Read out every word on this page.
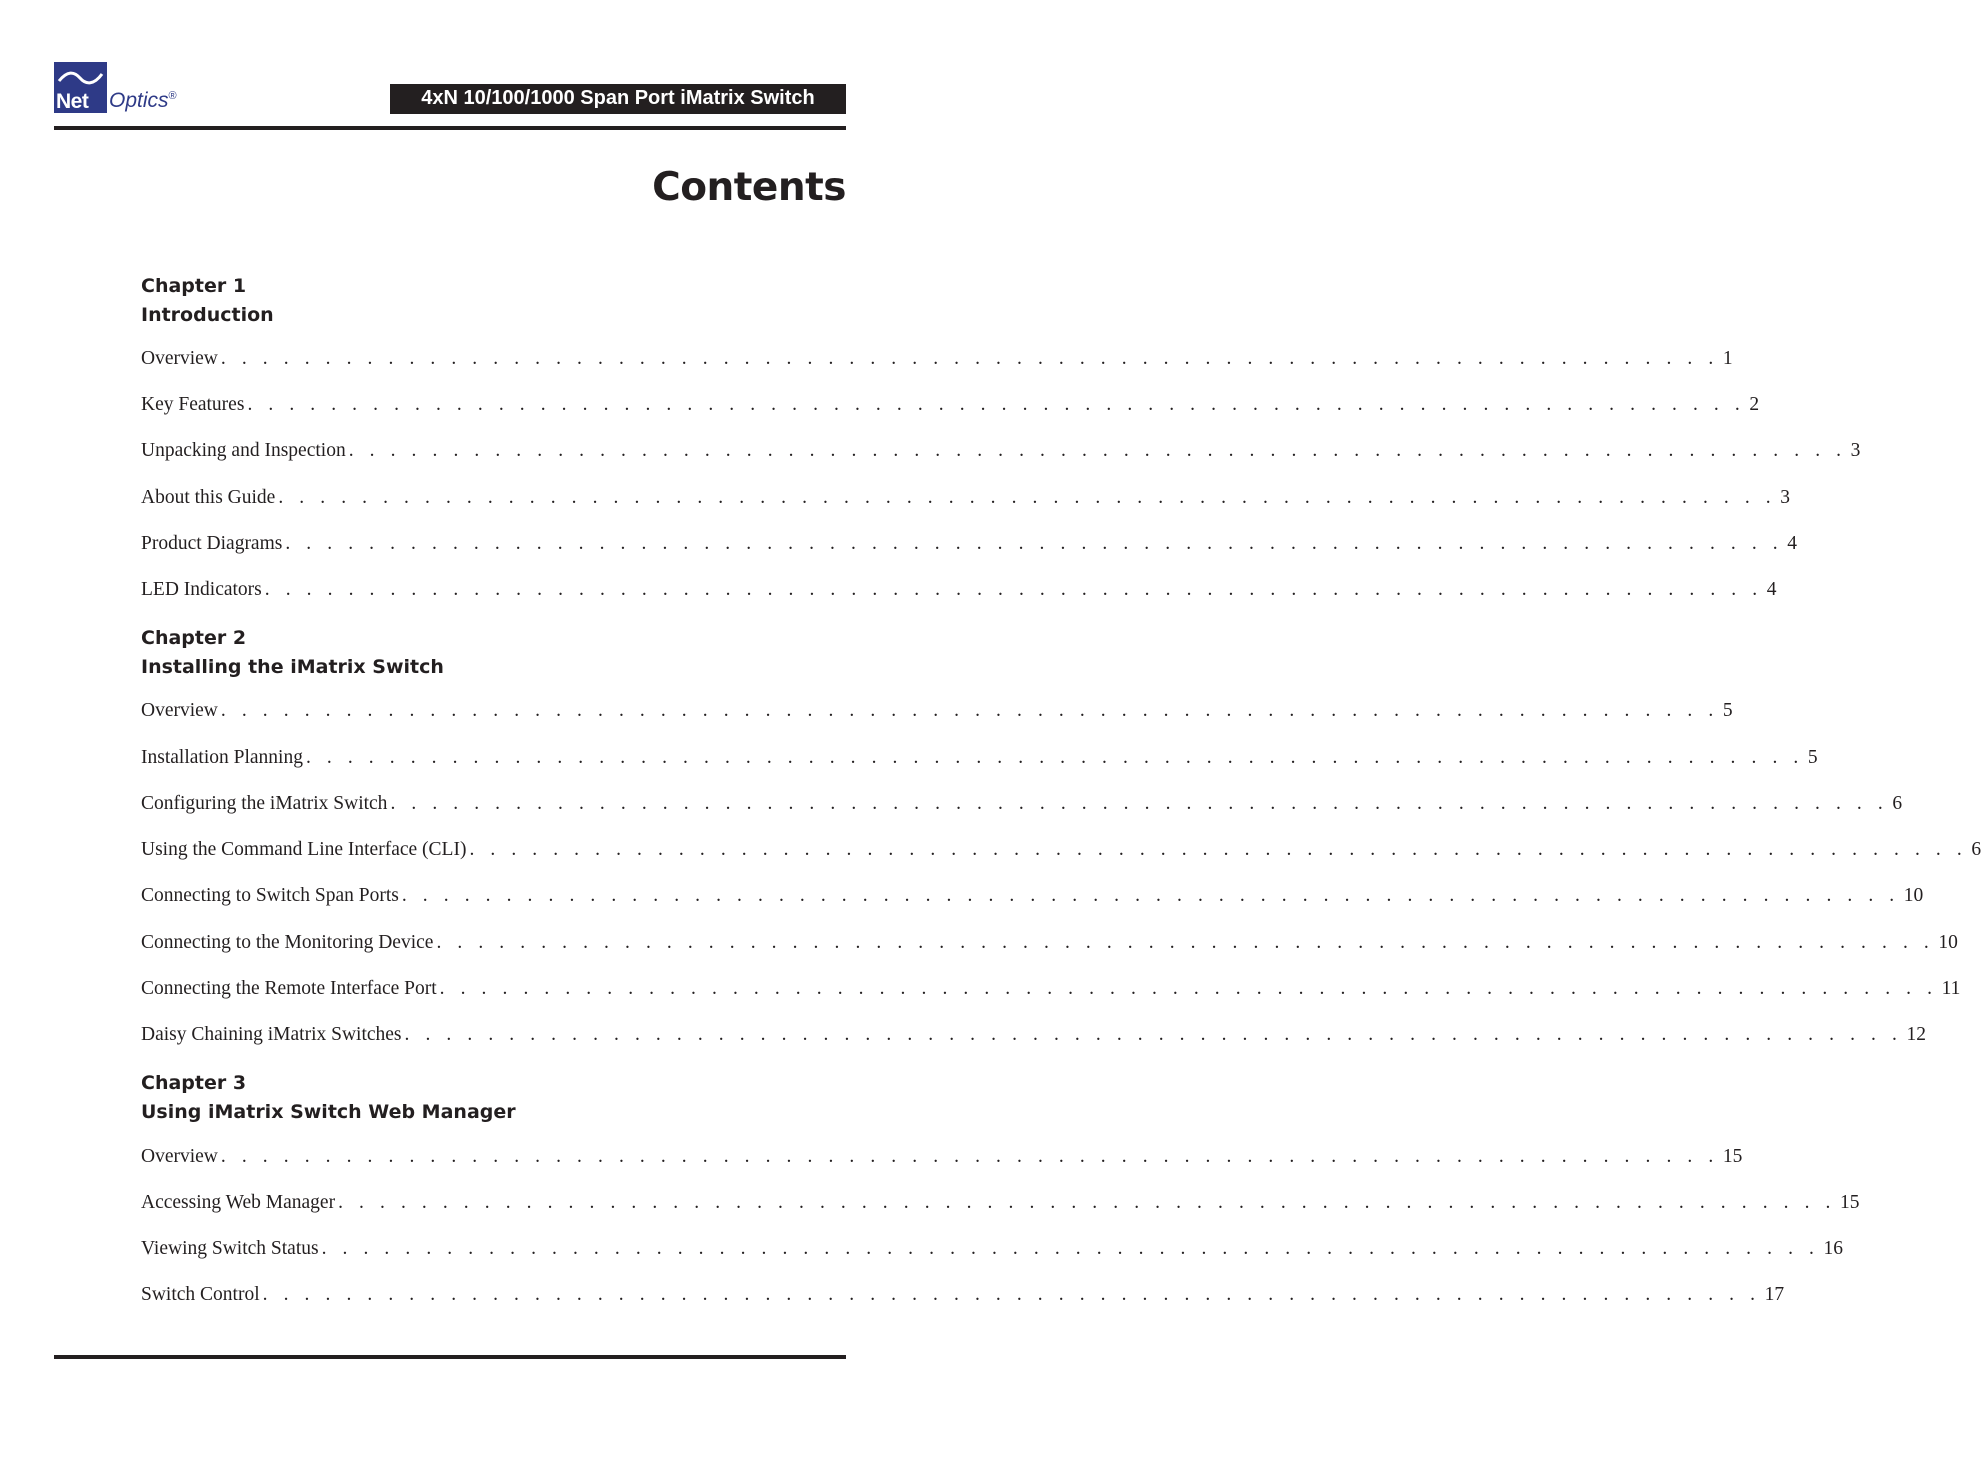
Net Optics®	4xN 10/100/1000 Span Port iMatrix Switch
Contents
Chapter 1
Introduction
Overview . . . . . . . . . . . . . . . . . . . . . . . . . . . . . . . . . . . . . . . . . . . . . . . . . . . . . . . . . . . . . . . . . . . . . . . . 1
Key Features . . . . . . . . . . . . . . . . . . . . . . . . . . . . . . . . . . . . . . . . . . . . . . . . . . . . . . . . . . . . . . . . . . . . . . . . 2
Unpacking and Inspection . . . . . . . . . . . . . . . . . . . . . . . . . . . . . . . . . . . . . . . . . . . . . . . . . . . . . . . . . . . . . . . . . . . . . . . . 3
About this Guide . . . . . . . . . . . . . . . . . . . . . . . . . . . . . . . . . . . . . . . . . . . . . . . . . . . . . . . . . . . . . . . . . . . . . . . . 3
Product Diagrams . . . . . . . . . . . . . . . . . . . . . . . . . . . . . . . . . . . . . . . . . . . . . . . . . . . . . . . . . . . . . . . . . . . . . . . . 4
LED Indicators . . . . . . . . . . . . . . . . . . . . . . . . . . . . . . . . . . . . . . . . . . . . . . . . . . . . . . . . . . . . . . . . . . . . . . . . 4
Chapter 2
Installing the iMatrix Switch
Overview . . . . . . . . . . . . . . . . . . . . . . . . . . . . . . . . . . . . . . . . . . . . . . . . . . . . . . . . . . . . . . . . . . . . . . . . 5
Installation Planning . . . . . . . . . . . . . . . . . . . . . . . . . . . . . . . . . . . . . . . . . . . . . . . . . . . . . . . . . . . . . . . . . . . . . . . . 5
Configuring the iMatrix Switch . . . . . . . . . . . . . . . . . . . . . . . . . . . . . . . . . . . . . . . . . . . . . . . . . . . . . . . . . . . . . . . . . . . . . . . . 6
Using the Command Line Interface (CLI) . . . . . . . . . . . . . . . . . . . . . . . . . . . . . . . . . . . . . . . . . . . . . . . . . . . . . . . . . . . . . . . . . . . . . . . . 6
Connecting to Switch Span Ports . . . . . . . . . . . . . . . . . . . . . . . . . . . . . . . . . . . . . . . . . . . . . . . . . . . . . . . . . . . . . . . . . . . . . . . . 10
Connecting to the Monitoring Device . . . . . . . . . . . . . . . . . . . . . . . . . . . . . . . . . . . . . . . . . . . . . . . . . . . . . . . . . . . . . . . . . . . . . . . . 10
Connecting the Remote Interface Port . . . . . . . . . . . . . . . . . . . . . . . . . . . . . . . . . . . . . . . . . . . . . . . . . . . . . . . . . . . . . . . . . . . . . . . . 11
Daisy Chaining iMatrix Switches . . . . . . . . . . . . . . . . . . . . . . . . . . . . . . . . . . . . . . . . . . . . . . . . . . . . . . . . . . . . . . . . . . . . . . . . 12
Chapter 3
Using iMatrix Switch Web Manager
Overview . . . . . . . . . . . . . . . . . . . . . . . . . . . . . . . . . . . . . . . . . . . . . . . . . . . . . . . . . . . . . . . . . . . . . . . . 15
Accessing Web Manager . . . . . . . . . . . . . . . . . . . . . . . . . . . . . . . . . . . . . . . . . . . . . . . . . . . . . . . . . . . . . . . . . . . . . . . . 15
Viewing Switch Status . . . . . . . . . . . . . . . . . . . . . . . . . . . . . . . . . . . . . . . . . . . . . . . . . . . . . . . . . . . . . . . . . . . . . . . . 16
Switch Control . . . . . . . . . . . . . . . . . . . . . . . . . . . . . . . . . . . . . . . . . . . . . . . . . . . . . . . . . . . . . . . . . . . . . . . . 17
